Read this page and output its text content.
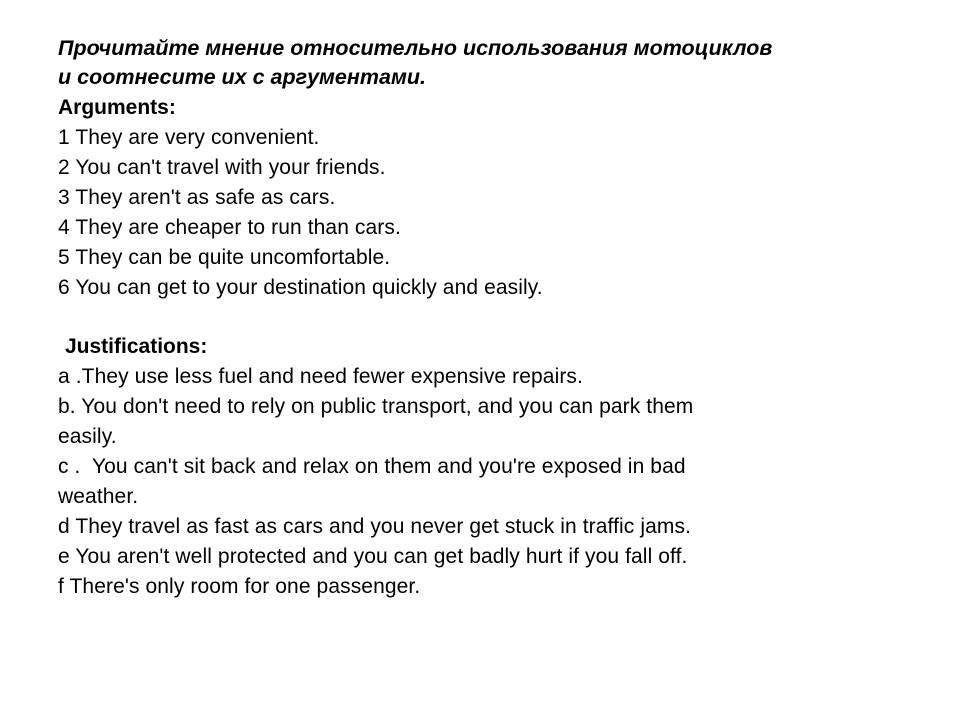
Прочитайте мнение относительно использования мотоциклов
и соотнесите их с аргументами.
Arguments:
1 They are very convenient.
2 You can't travel with your friends.
3 They aren't as safe as cars.
4 They are cheaper to run than cars.
5 They can be quite uncomfortable.
6 You can get to your destination quickly and easily.
Justifications:
a .They use less fuel and need fewer expensive repairs.
b. You don't need to rely on public transport, and you can park them
easily.
c .  You can't sit back and relax on them and you're exposed in bad
weather.
d They travel as fast as cars and you never get stuck in traffic jams.
e You aren't well protected and you can get badly hurt if you fall off.
f There's only room for one passenger.
